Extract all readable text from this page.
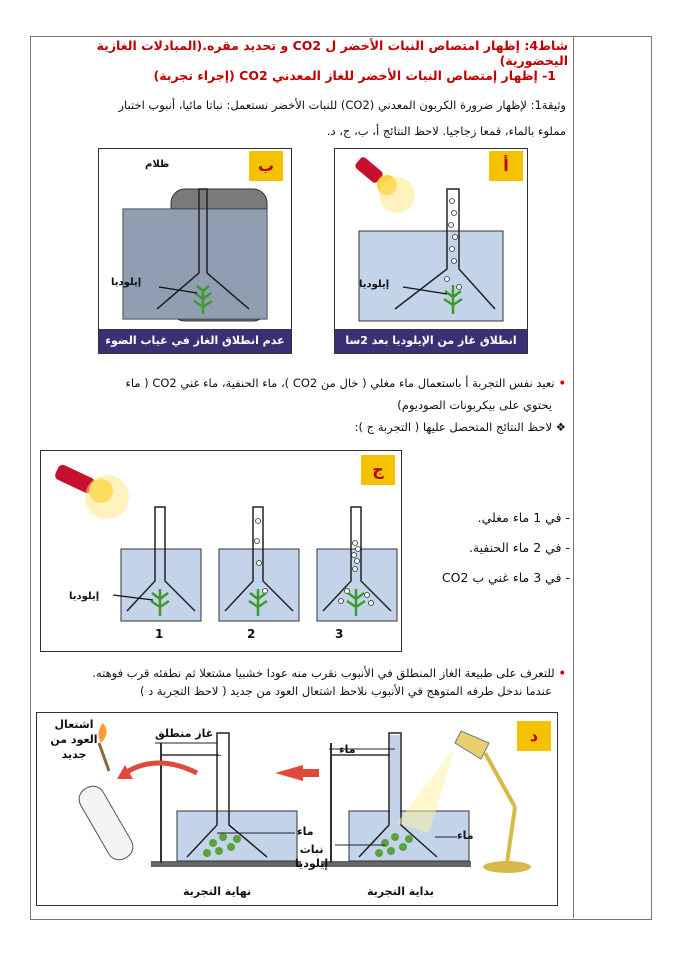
شاط4: إظهار امتصاص النبات الأخضر ل CO2 و تحديد مقره.(المبادلات الغازية اليخضورية)
1- إظهار إمتصاص النبات الأخضر للغاز المعدني CO2 (إجراء تجربة)
وثيقة1: لإظهار ضرورة الكربون المعدني (CO2) للنبات الأخضر نستعمل: نباتا مائيا، أنبوب اختبار
مملوء بالماء، قمعا زجاجيا. لاحظ النتائج أ، ب، ج، د.
ب
ظلام
إيلوديا
عدم انطلاق الغاز في غياب الضوء
أ
إيلوديا
انطلاق غاز من الإيلوديا بعد 2سا
• نعيد نفس التجربة أ باستعمال ماء مغلي ( خال من CO2 )، ماء الحنفية، ماء غني CO2 ( ماء
يحتوي على بيكربونات الصوديوم)
❖ لاحظ النتائج المتحصل عليها ( التجربة ج ):
ج
إيلوديا
1	2	3
- في 1 ماء مغلي.
- في 2 ماء الحنفية.
- في 3 ماء غني ب CO2
• للتعرف على طبيعة الغاز المنطلق في الأنبوب نقرب منه عودا خشبيا مشتعلا ثم نطفئه قرب فوهته.
عندما ندخل طرفه المتوهج في الأنبوب نلاحظ اشتعال العود من جديد ( لاحظ التجربة د )
د
اشتعال
العود من
جديد
غاز منطلق
ماء
ماء
ماء
نبات
إيلوديا
نهاية التجربة	بداية التجربة
